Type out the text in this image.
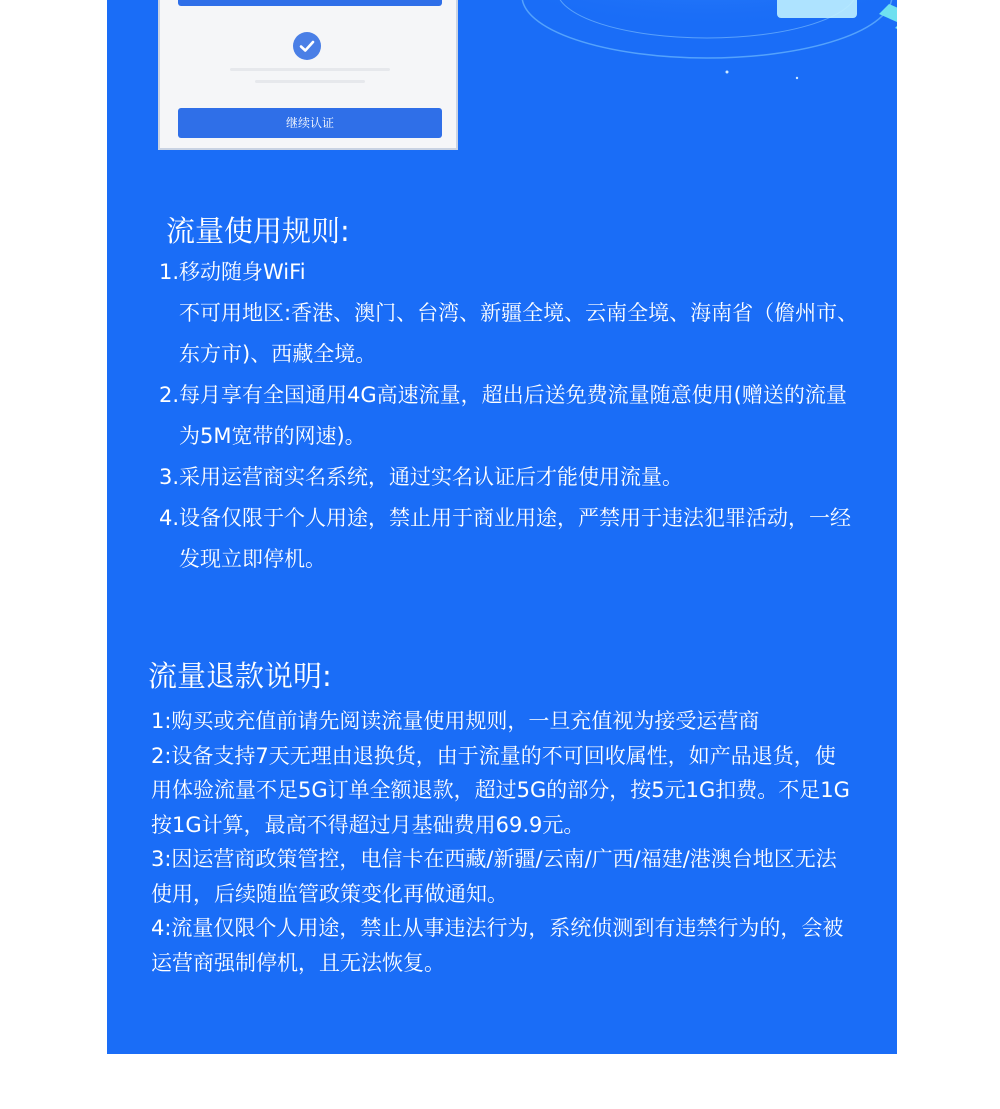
继续认证
流量使用规则:
1. 移动随身WiFi
不可用地区:香港、澳门、台湾、新疆全境、云南全境、海南省（儋州市、东方市)、西藏全境。
2. 每月享有全国通用4G高速流量，超出后送免费流量随意使用(赠送的流量为5M宽带的网速)。
3. 采用运营商实名系统，通过实名认证后才能使用流量。
4. 设备仅限于个人用途，禁止用于商业用途，严禁用于违法犯罪活动，一经发现立即停机。
流量退款说明:

1:购买或充值前请先阅读流量使用规则，一旦充值视为接受运营商

2:设备支持7天无理由退换货，由于流量的不可回收属性，如产品退货，使用体验流量不足5G订单全额退款，超过5G的部分，按5元1G扣费。不足1G按1G计算，最高不得超过月基础费用69.9元。

3:因运营商政策管控，电信卡在西藏/新疆/云南/广西/福建/港澳台地区无法使用，后续随监管政策变化再做通知。

4:流量仅限个人用途，禁止从事违法行为，系统侦测到有违禁行为的，会被运营商强制停机，且无法恢复。
